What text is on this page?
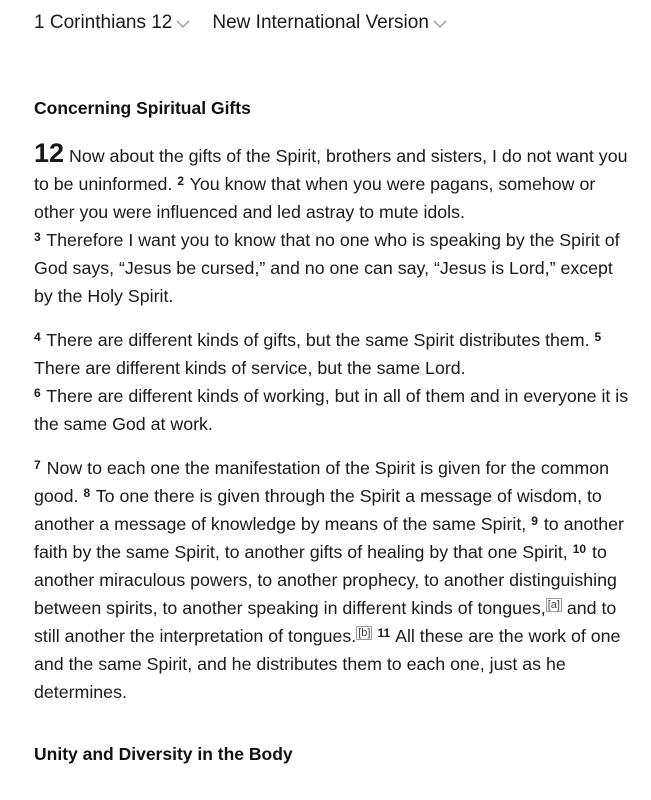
1 Corinthians 12 New International Version
Concerning Spiritual Gifts

12 Now about the gifts of the Spirit, brothers and sisters, I do not want you to be uninformed. $^2$ You know that when you were pagans, somehow or other you were influenced and led astray to mute idols.
$^3$ Therefore I want you to know that no one who is speaking by the Spirit of God says, “Jesus be cursed,” and no one can say, “Jesus is Lord,” except by the Holy Spirit.

$^4$ There are different kinds of gifts, but the same Spirit distributes them. $^5$ There are different kinds of service, but the same Lord.
$^6$ There are different kinds of working, but in all of them and in everyone it is the same God at work.

$^7$ Now to each one the manifestation of the Spirit is given for the common good. $^8$ To one there is given through the Spirit a message of wisdom, to another a message of knowledge by means of the same Spirit, $^9$ to another faith by the same Spirit, to another gifts of healing by that one Spirit, $^{10}$ to another miraculous powers, to another prophecy, to another distinguishing between spirits, to another speaking in different kinds of tongues, [a] and to still another the interpretation of tongues. [b] $^{11}$ All these are the work of one and the same Spirit, and he distributes them to each one, just as he determines.

Unity and Diversity in the Body
